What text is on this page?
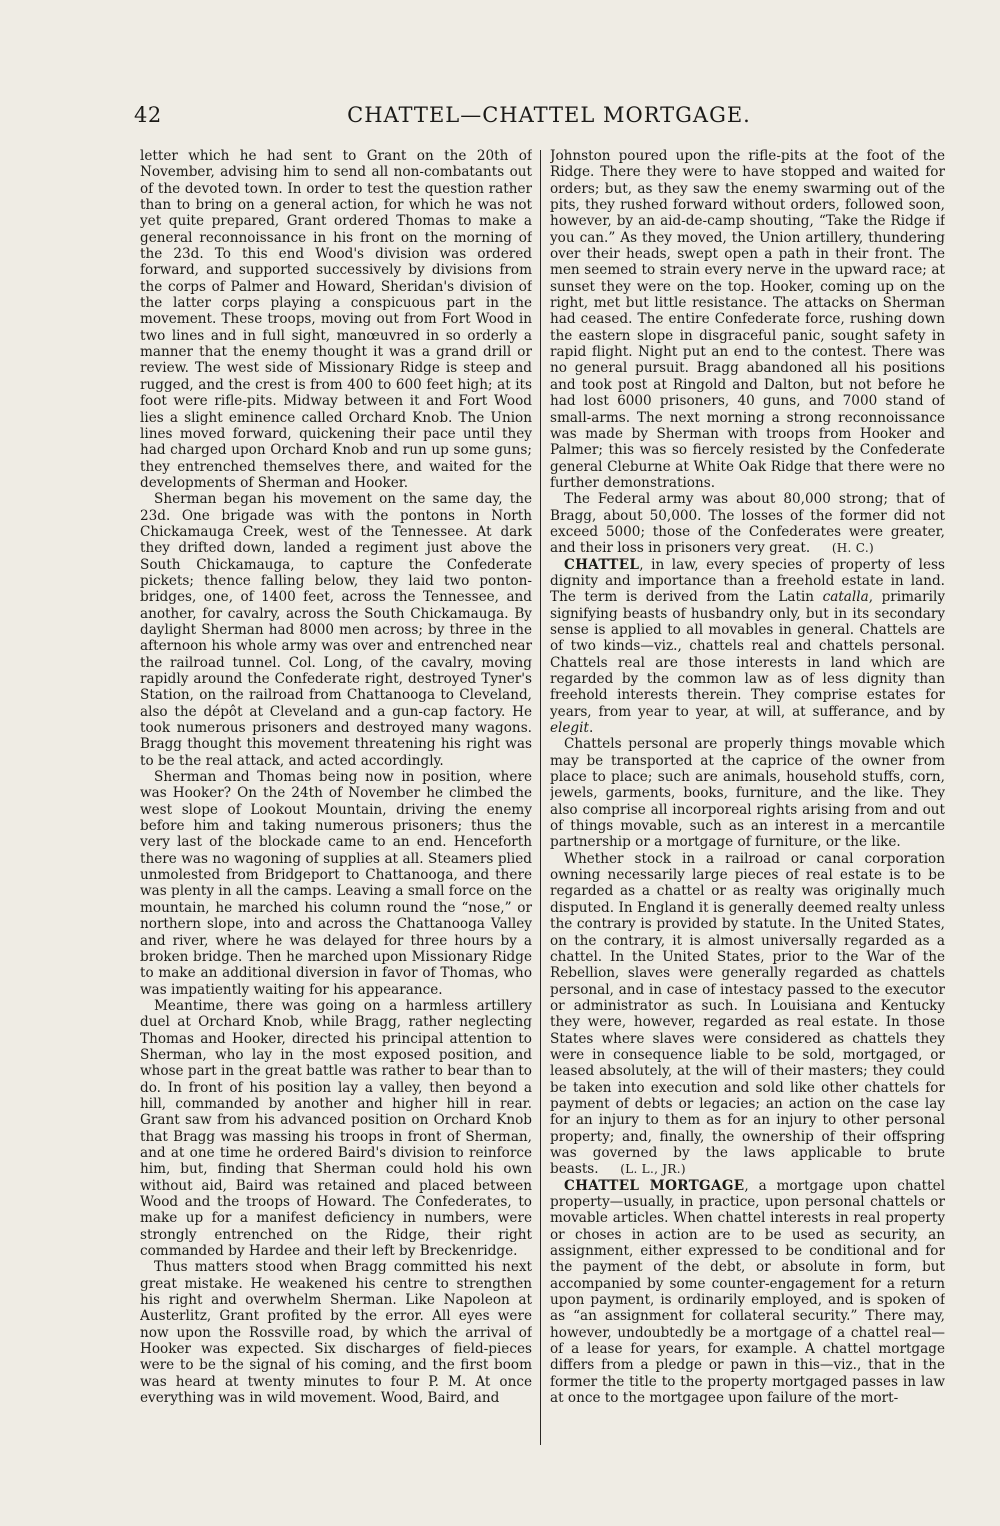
42	CHATTEL—CHATTEL MORTGAGE.

letter which he had sent to Grant on the 20th of November, advising him to send all non-combatants out of the devoted town. In order to test the question rather than to bring on a general action, for which he was not yet quite prepared, Grant ordered Thomas to make a general reconnoissance in his front on the morning of the 23d. To this end Wood's division was ordered forward, and supported successively by divisions from the corps of Palmer and Howard, Sheridan's division of the latter corps playing a conspicuous part in the movement. These troops, moving out from Fort Wood in two lines and in full sight, manœuvred in so orderly a manner that the enemy thought it was a grand drill or review. The west side of Missionary Ridge is steep and rugged, and the crest is from 400 to 600 feet high; at its foot were rifle-pits. Midway between it and Fort Wood lies a slight eminence called Orchard Knob. The Union lines moved forward, quickening their pace until they had charged upon Orchard Knob and run up some guns; they entrenched themselves there, and waited for the developments of Sherman and Hooker.

Sherman began his movement on the same day, the 23d. One brigade was with the pontons in North Chickamauga Creek, west of the Tennessee. At dark they drifted down, landed a regiment just above the South Chickamauga, to capture the Confederate pickets; thence falling below, they laid two ponton-bridges, one, of 1400 feet, across the Tennessee, and another, for cavalry, across the South Chickamauga. By daylight Sherman had 8000 men across; by three in the afternoon his whole army was over and entrenched near the railroad tunnel. Col. Long, of the cavalry, moving rapidly around the Confederate right, destroyed Tyner's Station, on the railroad from Chattanooga to Cleveland, also the dépôt at Cleveland and a gun-cap factory. He took numerous prisoners and destroyed many wagons. Bragg thought this movement threatening his right was to be the real attack, and acted accordingly.

Sherman and Thomas being now in position, where was Hooker? On the 24th of November he climbed the west slope of Lookout Mountain, driving the enemy before him and taking numerous prisoners; thus the very last of the blockade came to an end. Henceforth there was no wagoning of supplies at all. Steamers plied unmolested from Bridgeport to Chattanooga, and there was plenty in all the camps. Leaving a small force on the mountain, he marched his column round the “nose,” or northern slope, into and across the Chattanooga Valley and river, where he was delayed for three hours by a broken bridge. Then he marched upon Missionary Ridge to make an additional diversion in favor of Thomas, who was impatiently waiting for his appearance.

Meantime, there was going on a harmless artillery duel at Orchard Knob, while Bragg, rather neglecting Thomas and Hooker, directed his principal attention to Sherman, who lay in the most exposed position, and whose part in the great battle was rather to bear than to do. In front of his position lay a valley, then beyond a hill, commanded by another and higher hill in rear. Grant saw from his advanced position on Orchard Knob that Bragg was massing his troops in front of Sherman, and at one time he ordered Baird's division to reinforce him, but, finding that Sherman could hold his own without aid, Baird was retained and placed between Wood and the troops of Howard. The Confederates, to make up for a manifest deficiency in numbers, were strongly entrenched on the Ridge, their right commanded by Hardee and their left by Breckenridge.

Thus matters stood when Bragg committed his next great mistake. He weakened his centre to strengthen his right and overwhelm Sherman. Like Napoleon at Austerlitz, Grant profited by the error. All eyes were now upon the Rossville road, by which the arrival of Hooker was expected. Six discharges of field-pieces were to be the signal of his coming, and the first boom was heard at twenty minutes to four P. M. At once everything was in wild movement. Wood, Baird, and

Johnston poured upon the rifle-pits at the foot of the Ridge. There they were to have stopped and waited for orders; but, as they saw the enemy swarming out of the pits, they rushed forward without orders, followed soon, however, by an aid-de-camp shouting, “Take the Ridge if you can.” As they moved, the Union artillery, thundering over their heads, swept open a path in their front. The men seemed to strain every nerve in the upward race; at sunset they were on the top. Hooker, coming up on the right, met but little resistance. The attacks on Sherman had ceased. The entire Confederate force, rushing down the eastern slope in disgraceful panic, sought safety in rapid flight. Night put an end to the contest. There was no general pursuit. Bragg abandoned all his positions and took post at Ringold and Dalton, but not before he had lost 6000 prisoners, 40 guns, and 7000 stand of small-arms. The next morning a strong reconnoissance was made by Sherman with troops from Hooker and Palmer; this was so fiercely resisted by the Confederate general Cleburne at White Oak Ridge that there were no further demonstrations.

The Federal army was about 80,000 strong; that of Bragg, about 50,000. The losses of the former did not exceed 5000; those of the Confederates were greater, and their loss in prisoners very great. (H. C.)

CHATTEL, in law, every species of property of less dignity and importance than a freehold estate in land. The term is derived from the Latin catalla, primarily signifying beasts of husbandry only, but in its secondary sense is applied to all movables in general. Chattels are of two kinds—viz., chattels real and chattels personal. Chattels real are those interests in land which are regarded by the common law as of less dignity than freehold interests therein. They comprise estates for years, from year to year, at will, at sufferance, and by elegit.

Chattels personal are properly things movable which may be transported at the caprice of the owner from place to place; such are animals, household stuffs, corn, jewels, garments, books, furniture, and the like. They also comprise all incorporeal rights arising from and out of things movable, such as an interest in a mercantile partnership or a mortgage of furniture, or the like.

Whether stock in a railroad or canal corporation owning necessarily large pieces of real estate is to be regarded as a chattel or as realty was originally much disputed. In England it is generally deemed realty unless the contrary is provided by statute. In the United States, on the contrary, it is almost universally regarded as a chattel. In the United States, prior to the War of the Rebellion, slaves were generally regarded as chattels personal, and in case of intestacy passed to the executor or administrator as such. In Louisiana and Kentucky they were, however, regarded as real estate. In those States where slaves were considered as chattels they were in consequence liable to be sold, mortgaged, or leased absolutely, at the will of their masters; they could be taken into execution and sold like other chattels for payment of debts or legacies; an action on the case lay for an injury to them as for an injury to other personal property; and, finally, the ownership of their offspring was governed by the laws applicable to brute beasts. (L. L., JR.)

CHATTEL MORTGAGE, a mortgage upon chattel property—usually, in practice, upon personal chattels or movable articles. When chattel interests in real property or choses in action are to be used as security, an assignment, either expressed to be conditional and for the payment of the debt, or absolute in form, but accompanied by some counter-engagement for a return upon payment, is ordinarily employed, and is spoken of as “an assignment for collateral security.” There may, however, undoubtedly be a mortgage of a chattel real—of a lease for years, for example. A chattel mortgage differs from a pledge or pawn in this—viz., that in the former the title to the property mortgaged passes in law at once to the mortgagee upon failure of the mort-
